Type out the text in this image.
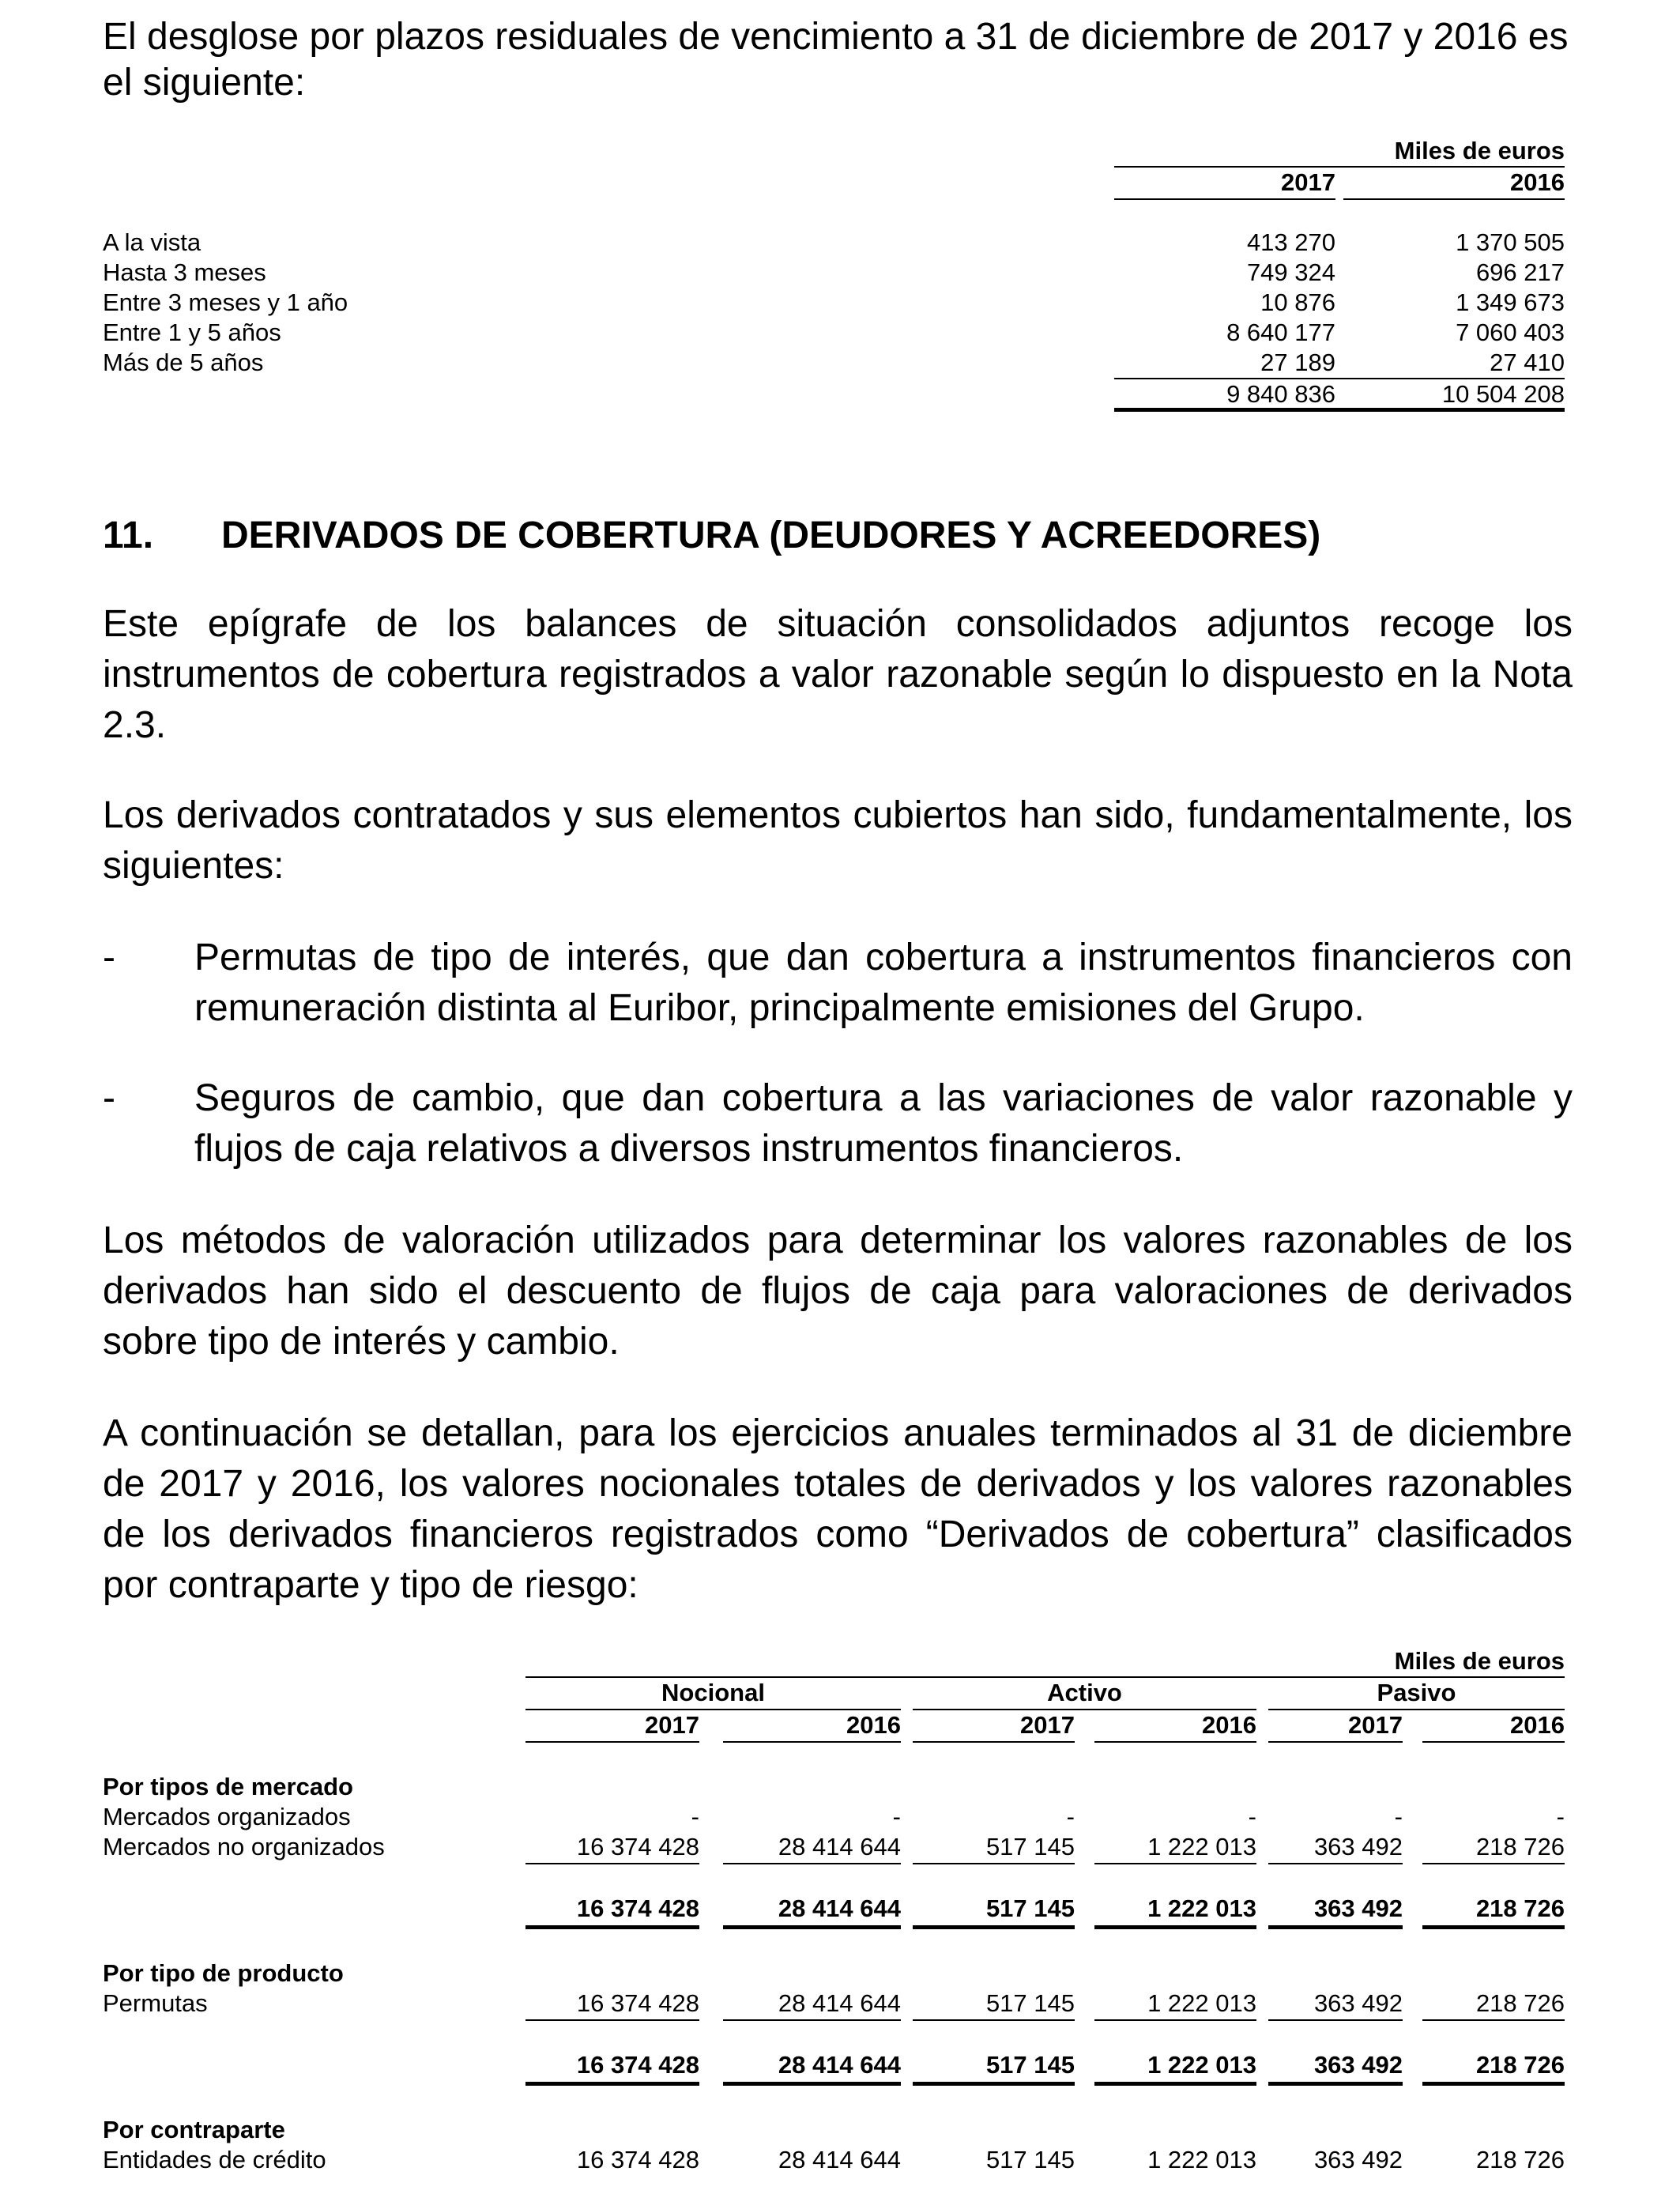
El desglose por plazos residuales de vencimiento a 31 de diciembre de 2017 y 2016 es el siguiente:
Miles de euros
2017	2016
A la vista	413 270	1 370 505
Hasta 3 meses	749 324	696 217
Entre 3 meses y 1 año	10 876	1 349 673
Entre 1 y 5 años	8 640 177	7 060 403
Más de 5 años	27 189	27 410
9 840 836	10 504 208
11. DERIVADOS DE COBERTURA (DEUDORES Y ACREEDORES)
Este epígrafe de los balances de situación consolidados adjuntos recoge los instrumentos de cobertura registrados a valor razonable según lo dispuesto en la Nota 2.3.
Los derivados contratados y sus elementos cubiertos han sido, fundamentalmente, los siguientes:
- Permutas de tipo de interés, que dan cobertura a instrumentos financieros con remuneración distinta al Euribor, principalmente emisiones del Grupo.
- Seguros de cambio, que dan cobertura a las variaciones de valor razonable y flujos de caja relativos a diversos instrumentos financieros.
Los métodos de valoración utilizados para determinar los valores razonables de los derivados han sido el descuento de flujos de caja para valoraciones de derivados sobre tipo de interés y cambio.
A continuación se detallan, para los ejercicios anuales terminados al 31 de diciembre de 2017 y 2016, los valores nocionales totales de derivados y los valores razonables de los derivados financieros registrados como “Derivados de cobertura” clasificados por contraparte y tipo de riesgo:
Miles de euros
Nocional	Activo	Pasivo
2017	2016	2017	2016	2017	2016
Por tipos de mercado
Mercados organizados	-	-	-	-	-	-
Mercados no organizados	16 374 428	28 414 644	517 145	1 222 013	363 492	218 726
16 374 428	28 414 644	517 145	1 222 013	363 492	218 726
Por tipo de producto
Permutas	16 374 428	28 414 644	517 145	1 222 013	363 492	218 726
16 374 428	28 414 644	517 145	1 222 013	363 492	218 726
Por contraparte
Entidades de crédito	16 374 428	28 414 644	517 145	1 222 013	363 492	218 726
